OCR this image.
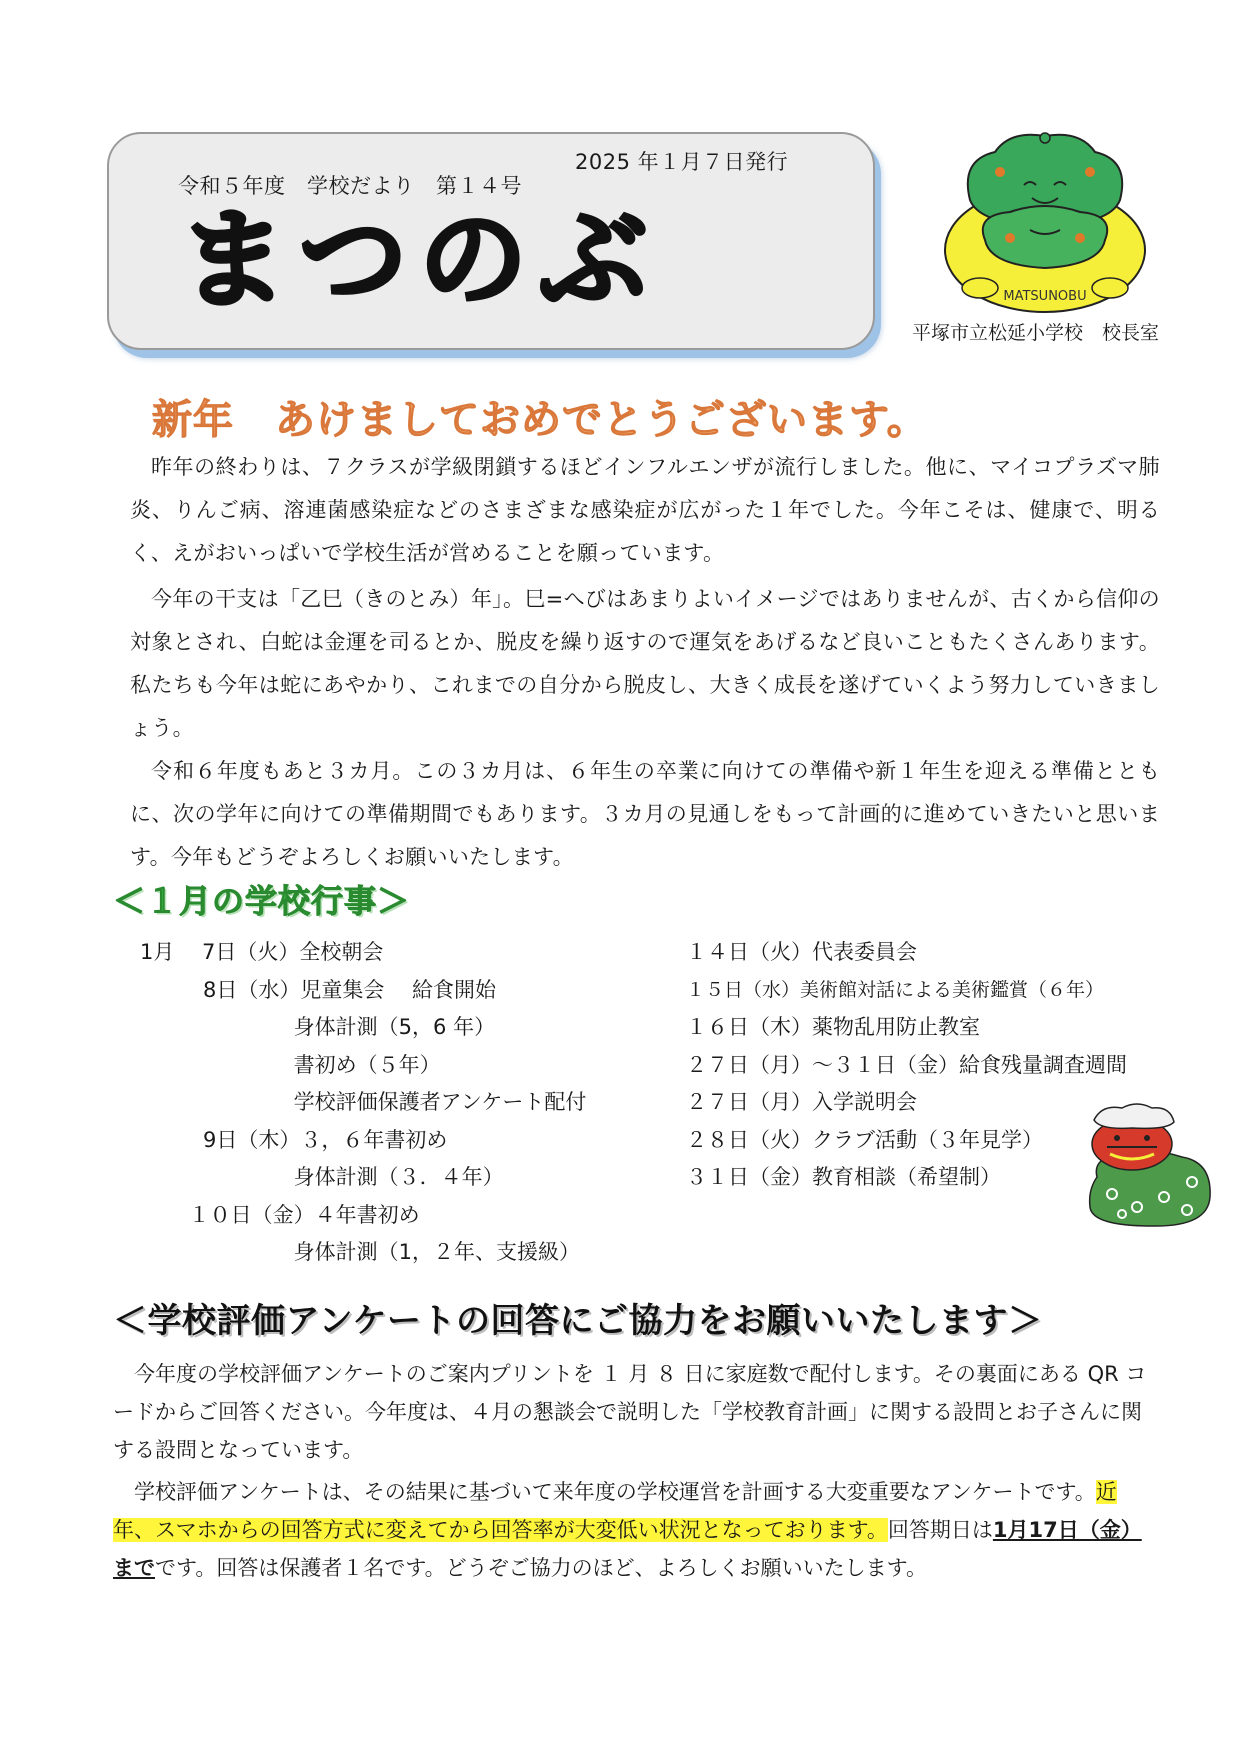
令和５年度　学校だより　第１４号

2025 年１月７日発行

まつのぶ	MATSUNOBU
平塚市立松延小学校　校長室
新年　あけましておめでとうございます。

昨年の終わりは、７クラスが学級閉鎖するほどインフルエンザが流行しました。他に、マイコプラズマ肺炎、りんご病、溶連菌感染症などのさまざまな感染症が広がった１年でした。今年こそは、健康で、明るく、えがおいっぱいで学校生活が営めることを願っています。

今年の干支は「乙巳（きのとみ）年」。巳=へびはあまりよいイメージではありませんが、古くから信仰の対象とされ、白蛇は金運を司るとか、脱皮を繰り返すので運気をあげるなど良いこともたくさんあります。私たちも今年は蛇にあやかり、これまでの自分から脱皮し、大きく成長を遂げていくよう努力していきましょう。

令和６年度もあと３カ月。この３カ月は、６年生の卒業に向けての準備や新１年生を迎える準備とともに、次の学年に向けての準備期間でもあります。３カ月の見通しをもって計画的に進めていきたいと思います。今年もどうぞよろしくお願いいたします。

＜１月の学校行事＞
1月　 7日（火）全校朝会
　　　8日（水）児童集会　 給食開始
　　　　　　　 身体計測（5，6 年）
　　　　　　　 書初め（５年）
　　　　　　　 学校評価保護者アンケート配付
　　　9日（木）３，６年書初め
　　　　　　　 身体計測（３．４年）
　　 １０日（金）４年書初め
　　　　　　　 身体計測（1，２年、支援級）
１４日（火）代表委員会
１５日（水）美術館対話による美術鑑賞（６年）
１６日（木）薬物乱用防止教室
２７日（月）～３１日（金）給食残量調査週間
２７日（月）入学説明会
２８日（火）クラブ活動（３年見学）
３１日（金）教育相談（希望制）
＜学校評価アンケートの回答にご協力をお願いいたします＞

今年度の学校評価アンケートのご案内プリントを １ 月 ８ 日に家庭数で配付します。その裏面にある QR コードからご回答ください。今年度は、４月の懇談会で説明した「学校教育計画」に関する設問とお子さんに関する設問となっています。

学校評価アンケートは、その結果に基づいて来年度の学校運営を計画する大変重要なアンケートです。近年、スマホからの回答方式に変えてから回答率が大変低い状況となっております。回答期日は1月17日（金）までです。回答は保護者１名です。どうぞご協力のほど、よろしくお願いいたします。
